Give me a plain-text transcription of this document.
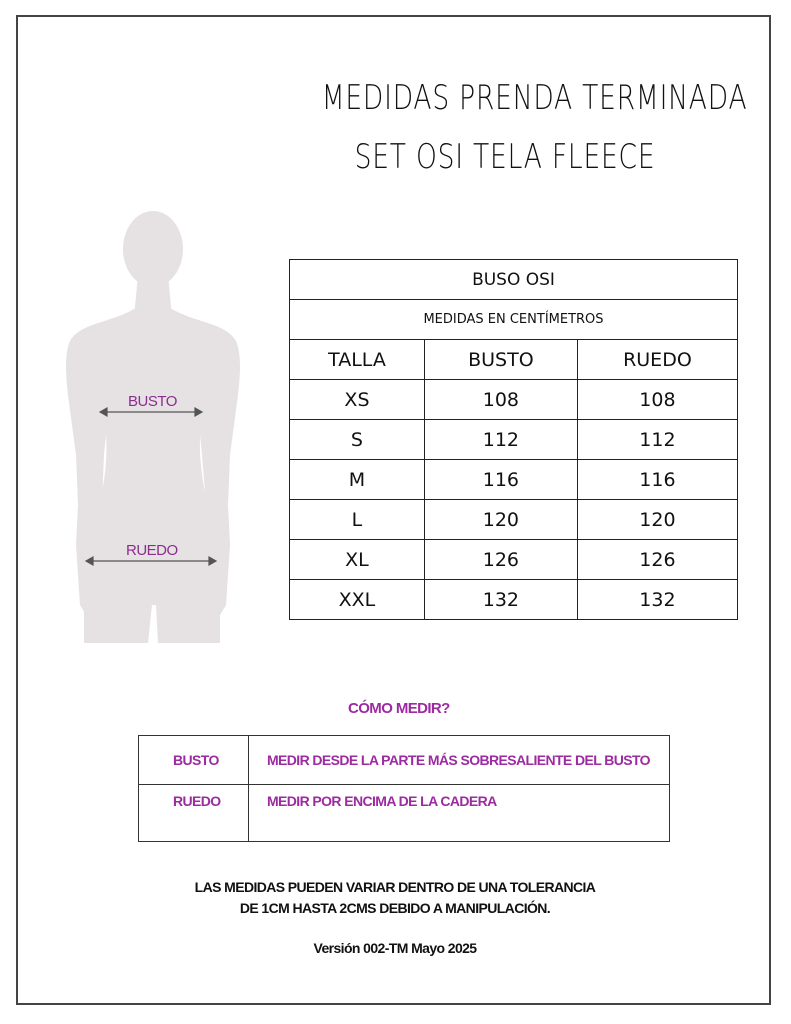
MEDIDAS PRENDA TERMINADA
SET OSI TELA FLEECE
BUSTO
RUEDO
BUSO OSI		
MEDIDAS EN CENTÍMETROS		
TALLA	BUSTO	RUEDO
XS	108	108
S	112	112
M	116	116
L	120	120
XL	126	126
XXL	132	132
CÓMO MEDIR?
BUSTO	MEDIR DESDE LA PARTE MÁS SOBRESALIENTE DEL BUSTO
RUEDO	MEDIR POR ENCIMA DE LA CADERA
LAS MEDIDAS PUEDEN VARIAR DENTRO DE UNA TOLERANCIA
DE 1CM HASTA 2CMS DEBIDO A MANIPULACIÓN.
Versión 002-TM Mayo 2025
